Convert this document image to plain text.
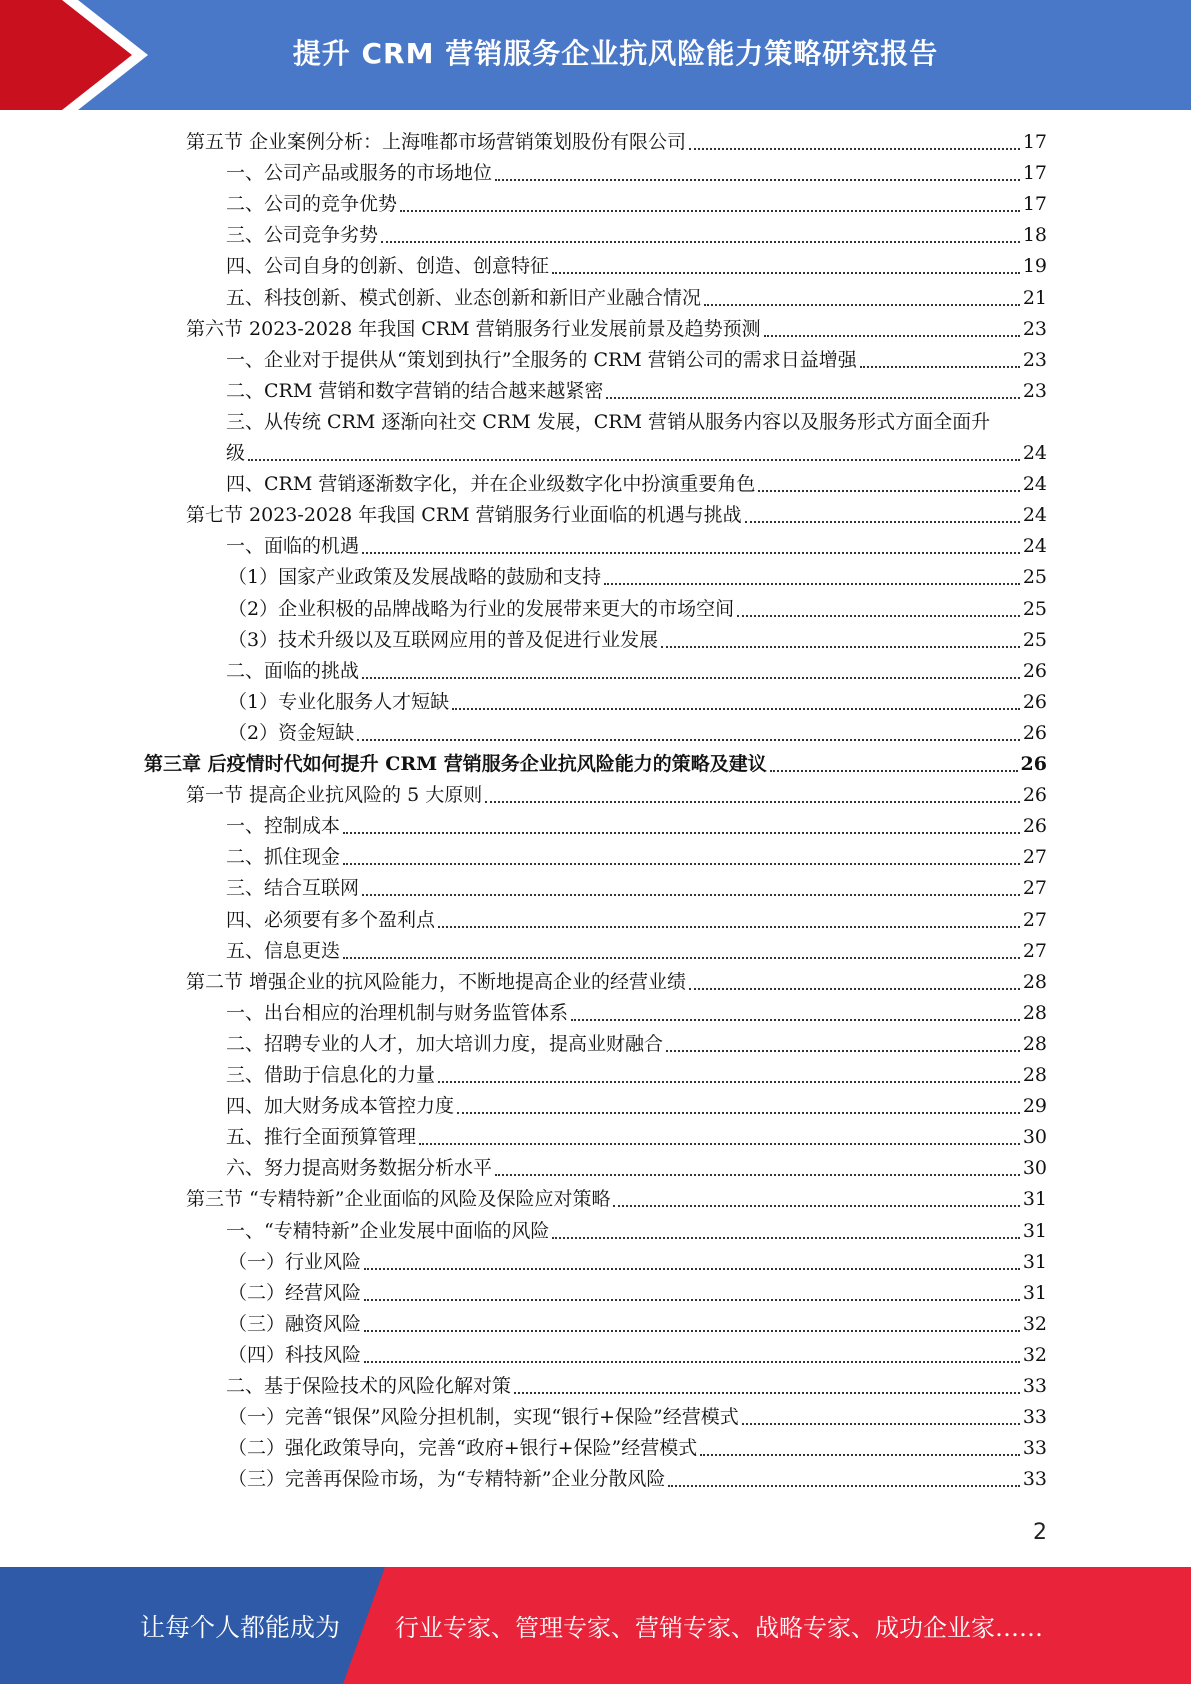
提升 CRM 营销服务企业抗风险能力策略研究报告
第五节 企业案例分析：上海唯都市场营销策划股份有限公司	17
一、公司产品或服务的市场地位	17
二、公司的竞争优势	17
三、公司竞争劣势	18
四、公司自身的创新、创造、创意特征	19
五、科技创新、模式创新、业态创新和新旧产业融合情况	21
第六节 2023-2028 年我国 CRM 营销服务行业发展前景及趋势预测	23
一、企业对于提供从“策划到执行”全服务的 CRM 营销公司的需求日益增强	23
二、CRM 营销和数字营销的结合越来越紧密	23
三、从传统 CRM 逐渐向社交 CRM 发展，CRM 营销从服务内容以及服务形式方面全面升
级	24
四、CRM 营销逐渐数字化，并在企业级数字化中扮演重要角色	24
第七节 2023-2028 年我国 CRM 营销服务行业面临的机遇与挑战	24
一、面临的机遇	24
（1）国家产业政策及发展战略的鼓励和支持	25
（2）企业积极的品牌战略为行业的发展带来更大的市场空间	25
（3）技术升级以及互联网应用的普及促进行业发展	25
二、面临的挑战	26
（1）专业化服务人才短缺	26
（2）资金短缺	26
第三章 后疫情时代如何提升 CRM 营销服务企业抗风险能力的策略及建议	26
第一节 提高企业抗风险的 5 大原则	26
一、控制成本	26
二、抓住现金	27
三、结合互联网	27
四、必须要有多个盈利点	27
五、信息更迭	27
第二节 增强企业的抗风险能力，不断地提高企业的经营业绩	28
一、出台相应的治理机制与财务监管体系	28
二、招聘专业的人才，加大培训力度，提高业财融合	28
三、借助于信息化的力量	28
四、加大财务成本管控力度	29
五、推行全面预算管理	30
六、努力提高财务数据分析水平	30
第三节 “专精特新”企业面临的风险及保险应对策略	31
一、“专精特新”企业发展中面临的风险	31
（一）行业风险	31
（二）经营风险	31
（三）融资风险	32
（四）科技风险	32
二、基于保险技术的风险化解对策	33
（一）完善“银保”风险分担机制，实现“银行+保险”经营模式	33
（二）强化政策导向，完善“政府+银行+保险”经营模式	33
（三）完善再保险市场，为“专精特新”企业分散风险	33
2
让每个人都能成为 行业专家、管理专家、营销专家、战略专家、成功企业家……
